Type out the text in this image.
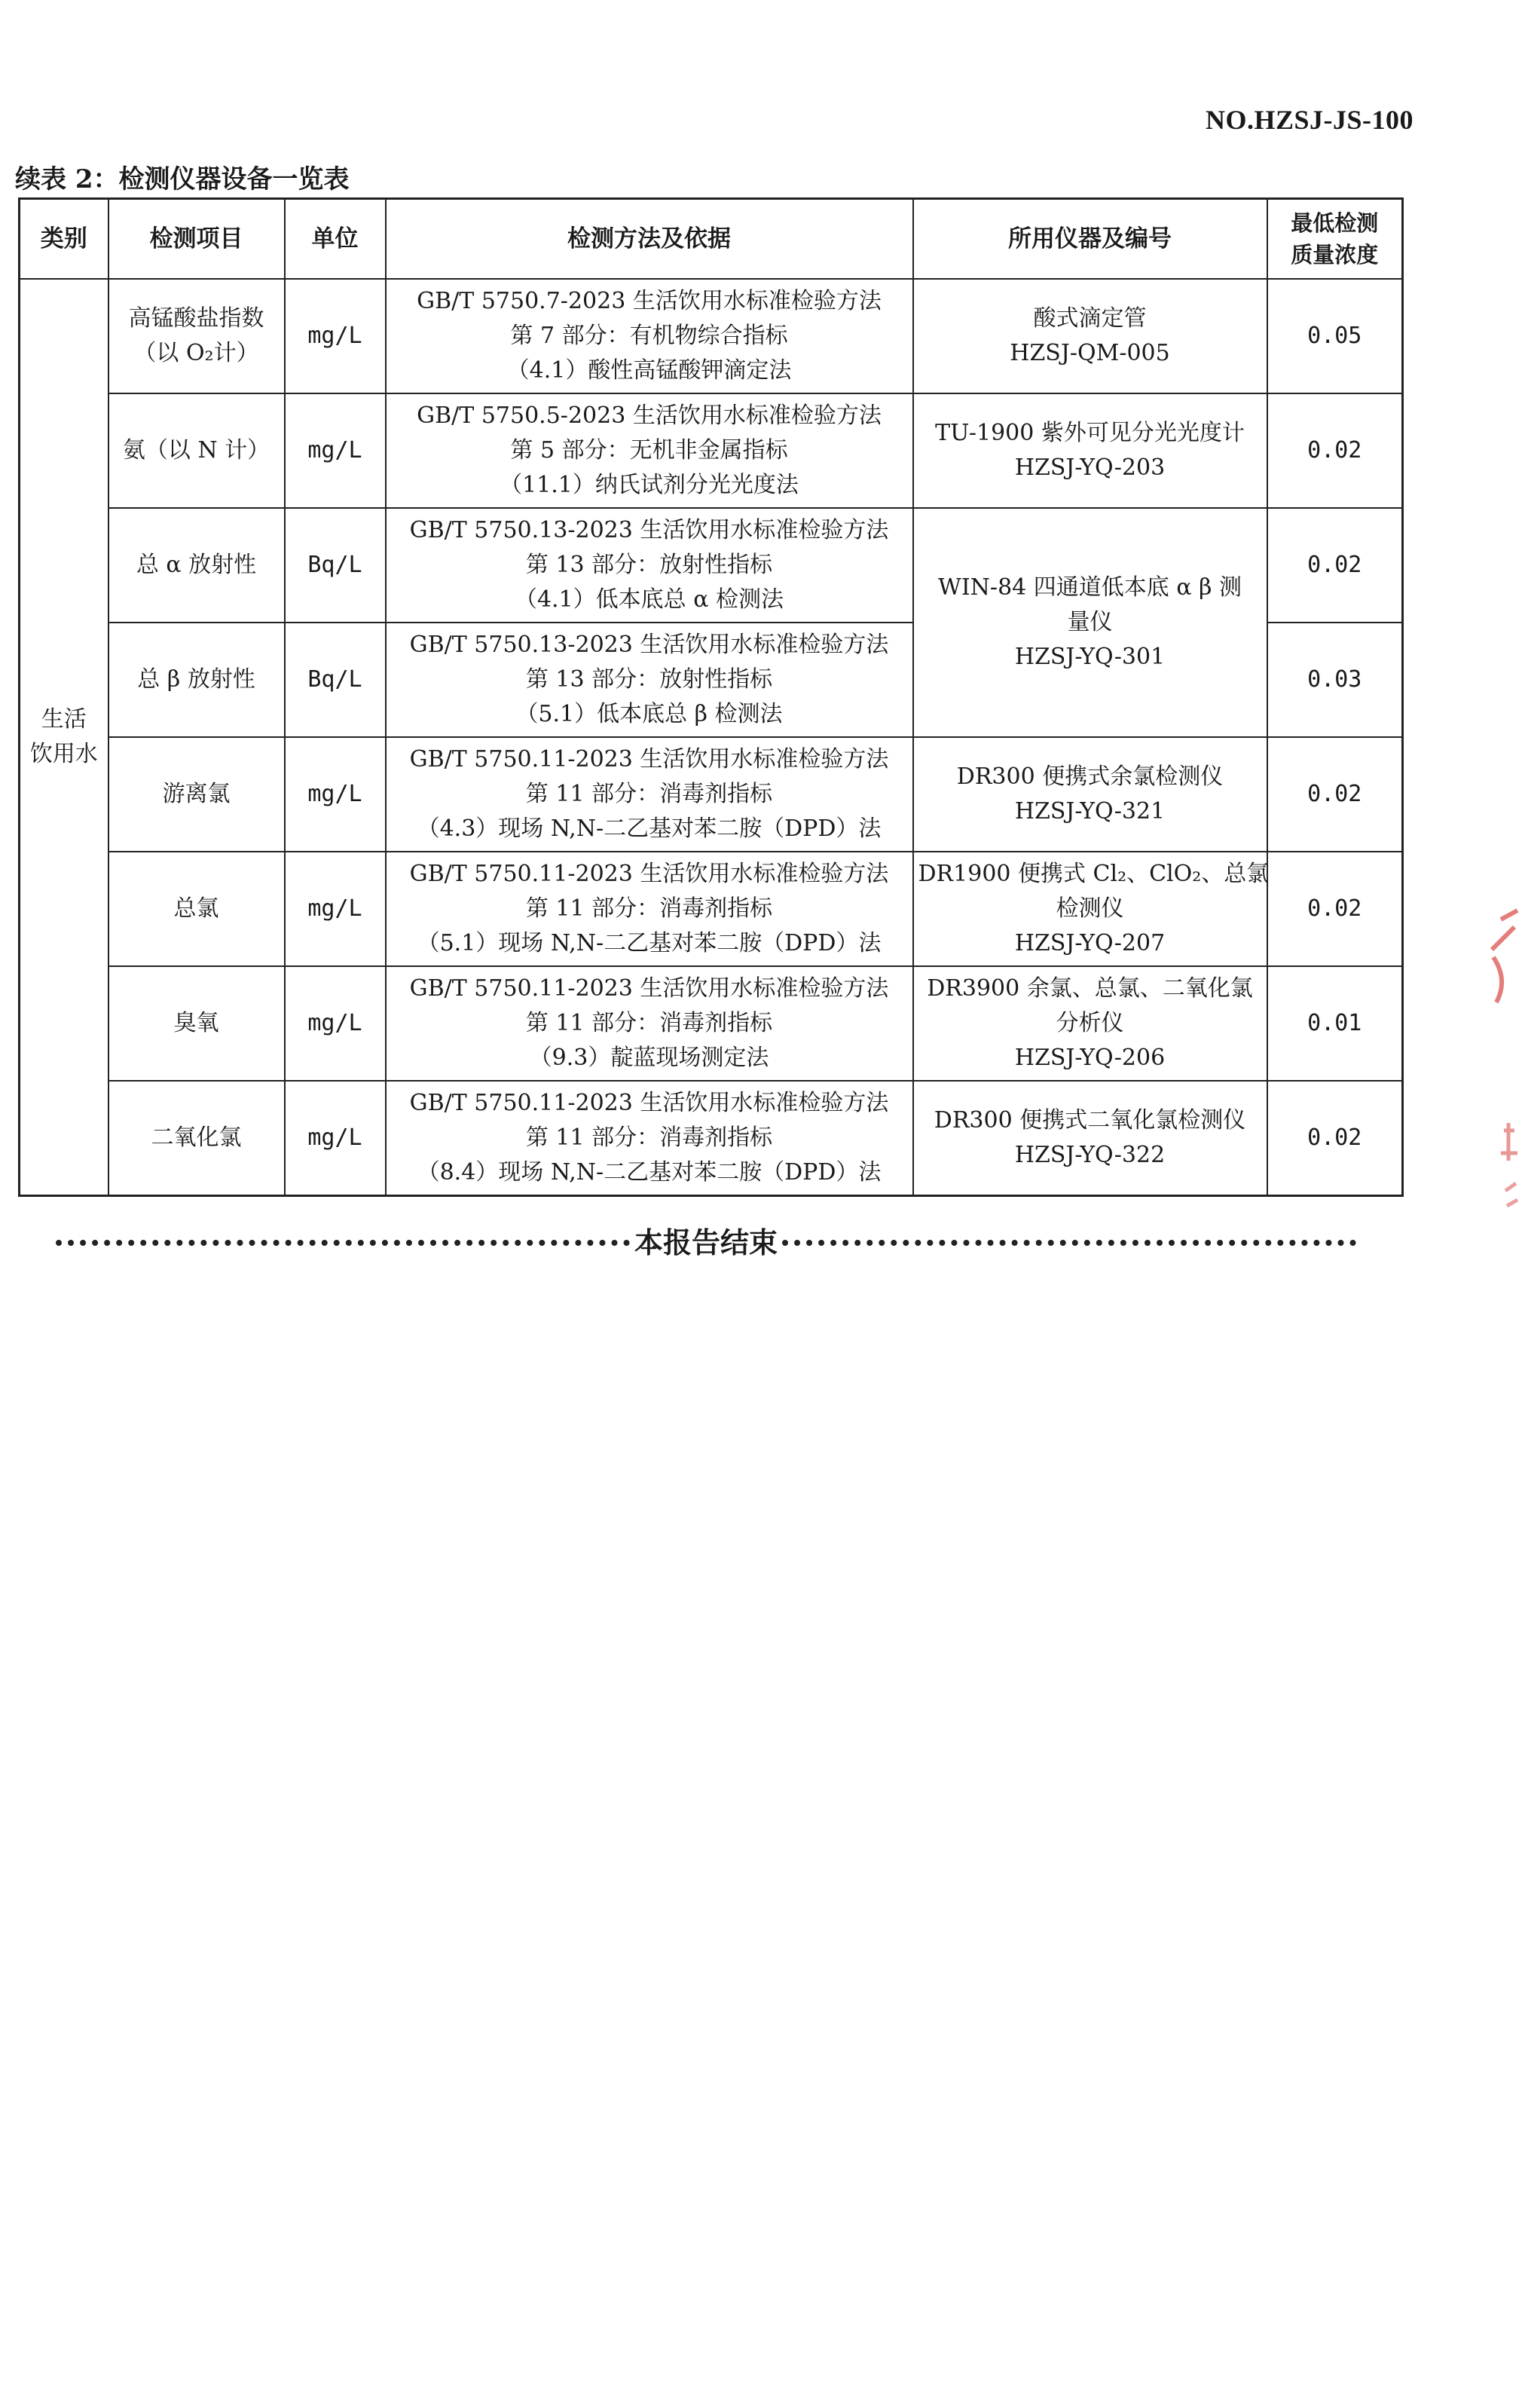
NO.HZSJ-JS-100
续表 2：检测仪器设备一览表
类别	检测项目	单位	检测方法及依据	所用仪器及编号	最低检测
质量浓度

生活
饮用水	高锰酸盐指数
（以 O₂计）	mg/L	GB/T 5750.7-2023 生活饮用水标准检验方法
第 7 部分：有机物综合指标
（4.1）酸性高锰酸钾滴定法	酸式滴定管
HZSJ-QM-005	0.05
	氨（以 N 计）	mg/L	GB/T 5750.5-2023 生活饮用水标准检验方法
第 5 部分：无机非金属指标
（11.1）纳氏试剂分光光度法	TU-1900 紫外可见分光光度计
HZSJ-YQ-203	0.02
	总 α 放射性	Bq/L	GB/T 5750.13-2023 生活饮用水标准检验方法
第 13 部分：放射性指标
（4.1）低本底总 α 检测法	WIN-84 四通道低本底 α β 测
量仪
HZSJ-YQ-301	0.02
	总 β 放射性	Bq/L	GB/T 5750.13-2023 生活饮用水标准检验方法
第 13 部分：放射性指标
（5.1）低本底总 β 检测法		0.03
	游离氯	mg/L	GB/T 5750.11-2023 生活饮用水标准检验方法
第 11 部分：消毒剂指标
（4.3）现场 N,N-二乙基对苯二胺（DPD）法	DR300 便携式余氯检测仪
HZSJ-YQ-321	0.02
	总氯	mg/L	GB/T 5750.11-2023 生活饮用水标准检验方法
第 11 部分：消毒剂指标
（5.1）现场 N,N-二乙基对苯二胺（DPD）法	DR1900 便携式 Cl₂、ClO₂、总氯
检测仪
HZSJ-YQ-207	0.02
	臭氧	mg/L	GB/T 5750.11-2023 生活饮用水标准检验方法
第 11 部分：消毒剂指标
（9.3）靛蓝现场测定法	DR3900 余氯、总氯、二氧化氯
分析仪
HZSJ-YQ-206	0.01
	二氧化氯	mg/L	GB/T 5750.11-2023 生活饮用水标准检验方法
第 11 部分：消毒剂指标
（8.4）现场 N,N-二乙基对苯二胺（DPD）法	DR300 便携式二氧化氯检测仪
HZSJ-YQ-322	0.02
本报告结束
